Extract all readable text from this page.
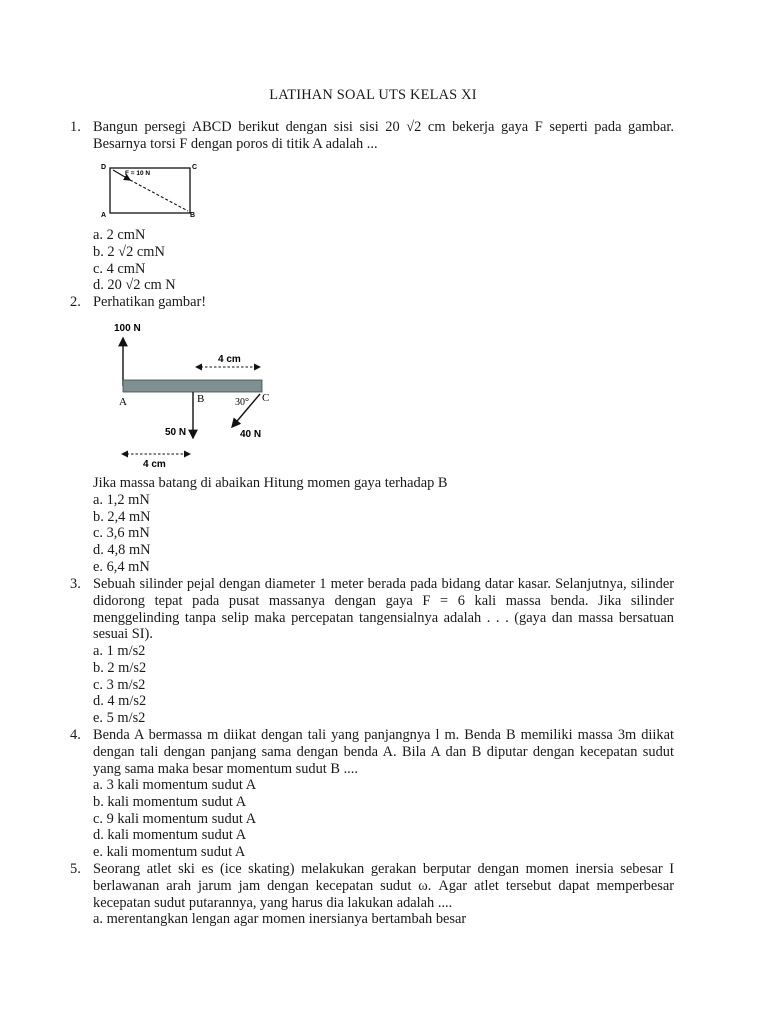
LATIHAN SOAL UTS KELAS XI
1. Bangun persegi ABCD berikut dengan sisi sisi 20 √2 cm bekerja gaya F seperti pada gambar. Besarnya torsi F dengan poros di titik A adalah ...
D	C
A	B
F = 10 N
a. 2 cmN
b. 2 √2 cmN
c. 4 cmN
d. 20 √2 cm N
2. Perhatikan gambar!
100 N
4 cm
A	B	C
30°
50 N	40 N
4 cm
Jika massa batang di abaikan Hitung momen gaya terhadap B
a. 1,2 mN
b. 2,4 mN
c. 3,6 mN
d. 4,8 mN
e. 6,4 mN
3. Sebuah silinder pejal dengan diameter 1 meter berada pada bidang datar kasar. Selanjutnya, silinder didorong tepat pada pusat massanya dengan gaya F = 6 kali massa benda. Jika silinder menggelinding tanpa selip maka percepatan tangensialnya adalah . . . (gaya dan massa bersatuan sesuai SI).
a. 1 m/s2
b. 2 m/s2
c. 3 m/s2
d. 4 m/s2
e. 5 m/s2
4. Benda A bermassa m diikat dengan tali yang panjangnya l m. Benda B memiliki massa 3m diikat dengan tali dengan panjang sama dengan benda A. Bila A dan B diputar dengan kecepatan sudut yang sama maka besar momentum sudut B ....
a. 3 kali momentum sudut A
b. kali momentum sudut A
c. 9 kali momentum sudut A
d. kali momentum sudut A
e. kali momentum sudut A
5. Seorang atlet ski es (ice skating) melakukan gerakan berputar dengan momen inersia sebesar I berlawanan arah jarum jam dengan kecepatan sudut ω. Agar atlet tersebut dapat memperbesar kecepatan sudut putarannya, yang harus dia lakukan adalah ....
a. merentangkan lengan agar momen inersianya bertambah besar
